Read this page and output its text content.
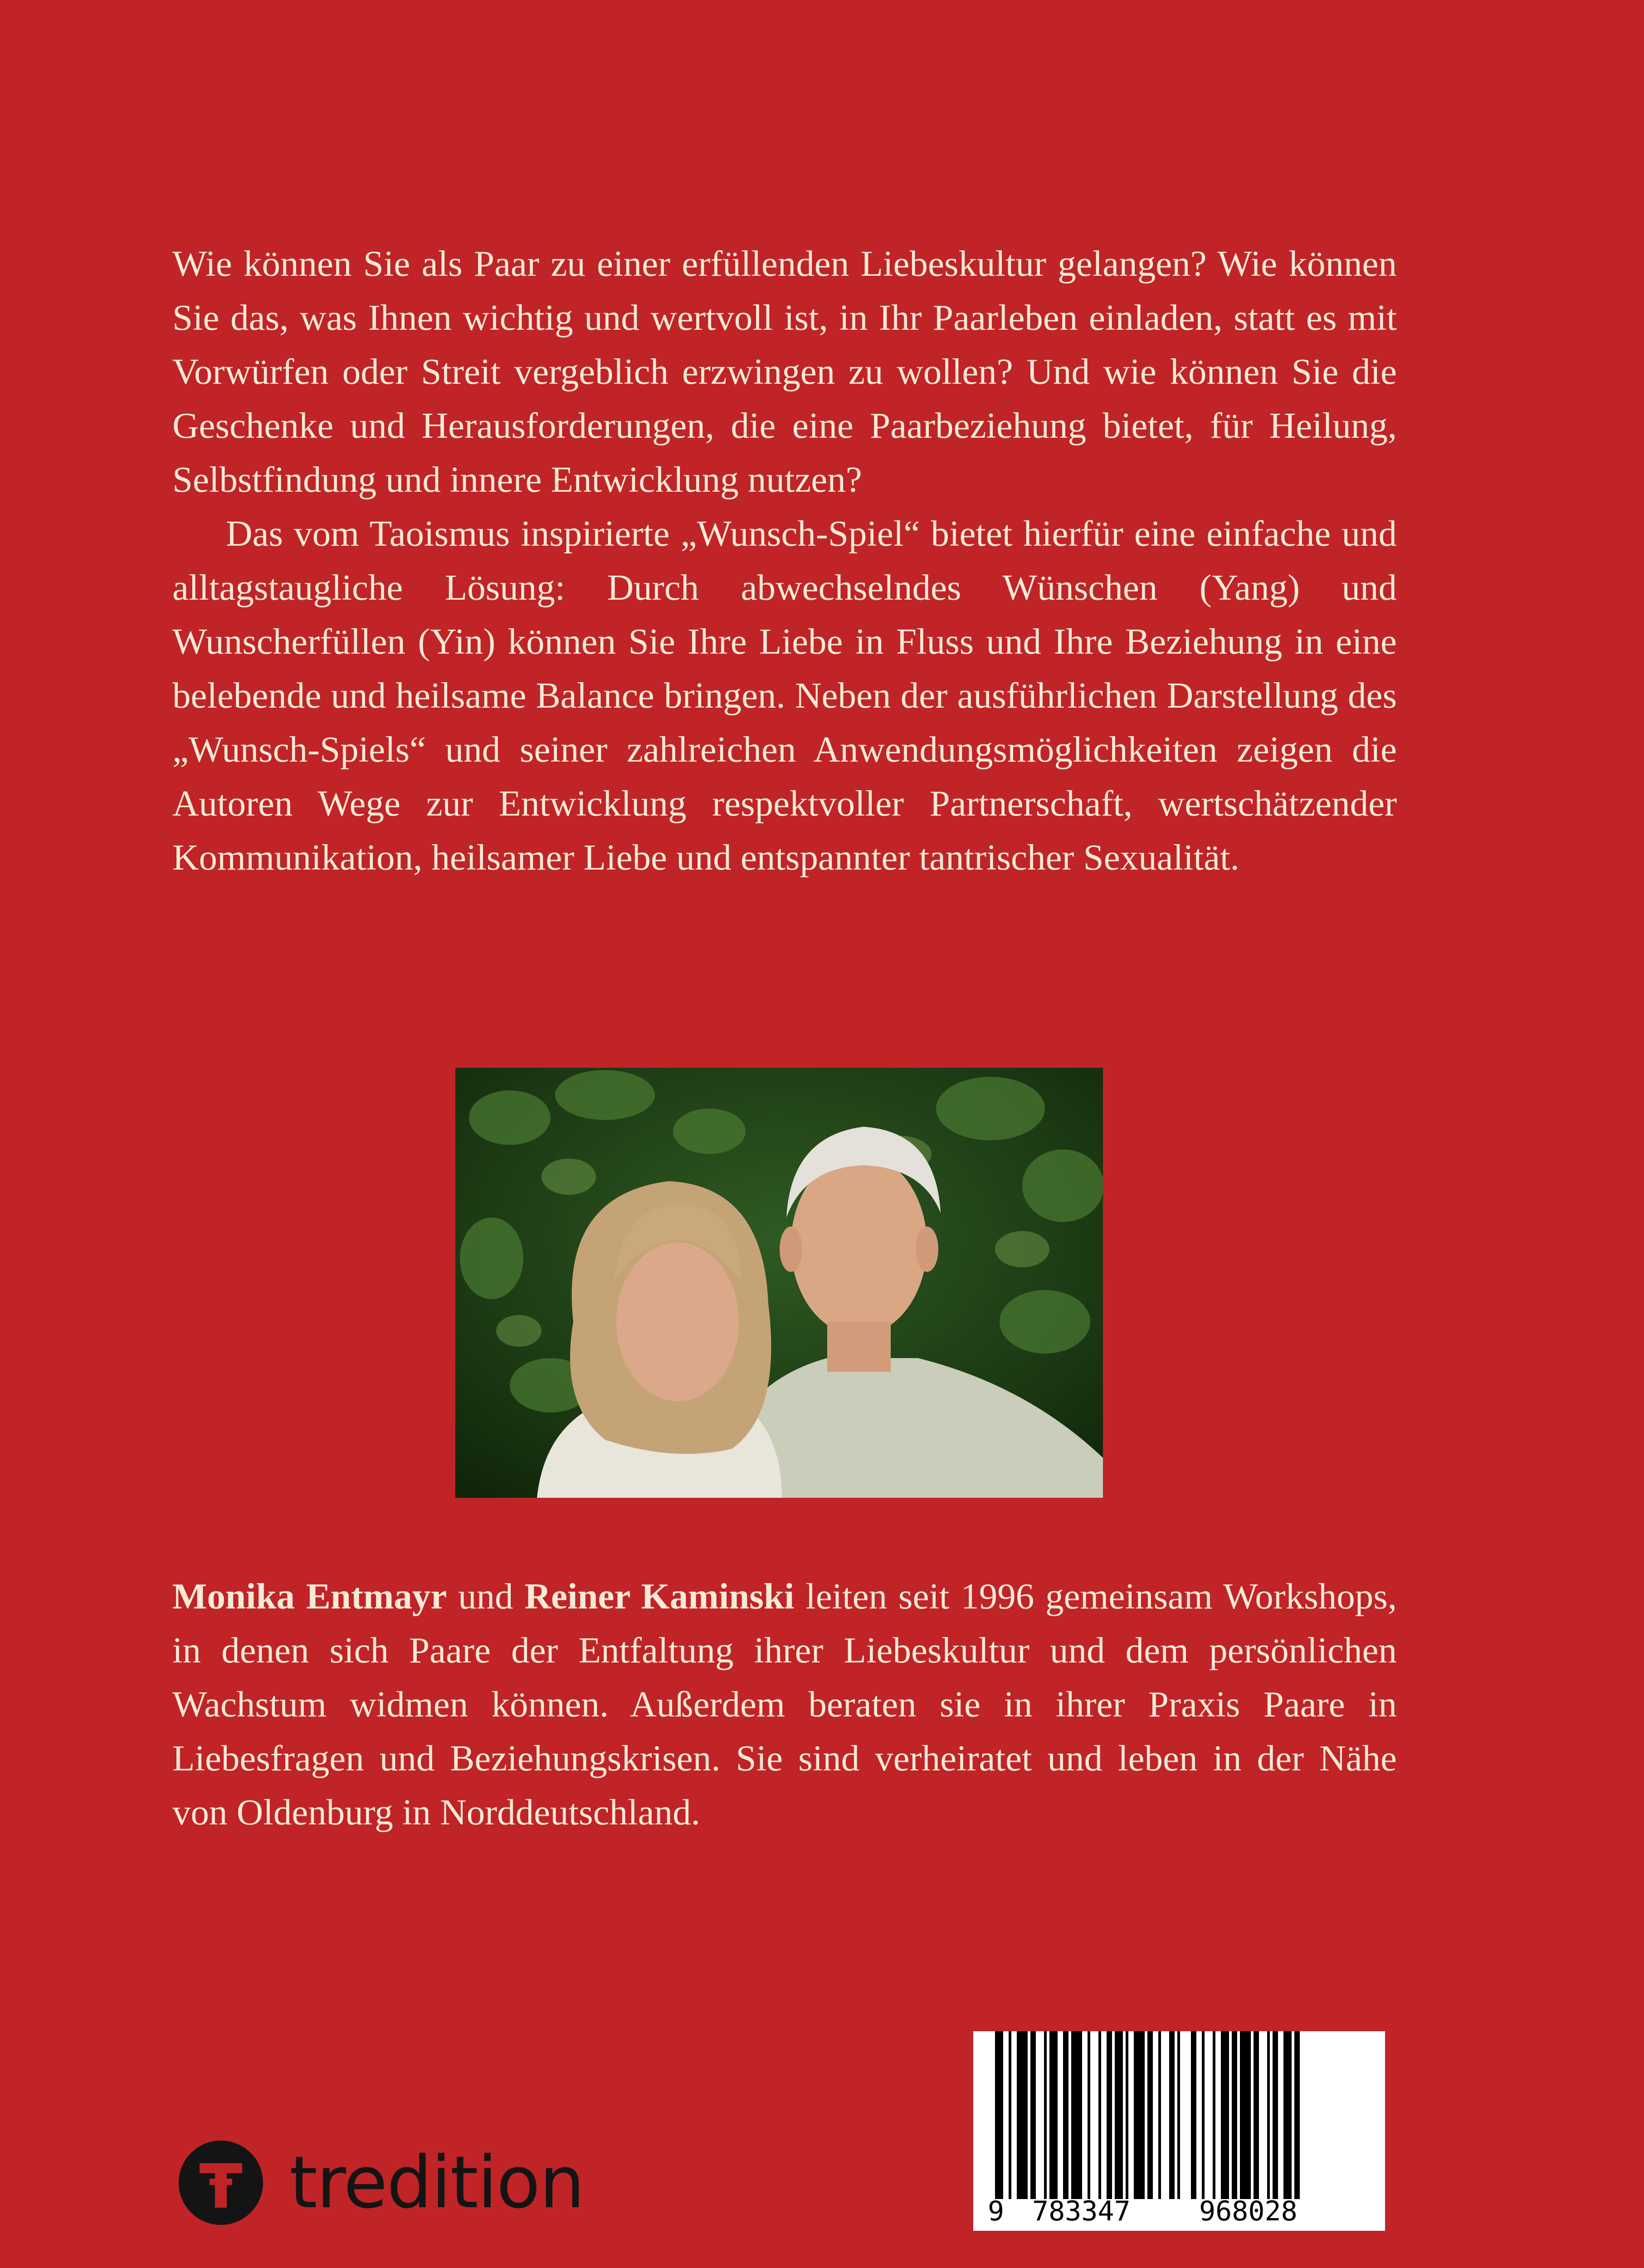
Wie können Sie als Paar zu einer erfüllenden Liebeskultur gelangen? Wie können Sie das, was Ihnen wichtig und wertvoll ist, in Ihr Paarleben einladen, statt es mit Vorwürfen oder Streit vergeblich erzwingen zu wollen? Und wie können Sie die Geschenke und Herausforderungen, die eine Paarbeziehung bietet, für Heilung, Selbstfindung und innere Entwicklung nutzen?

Das vom Taoismus inspirierte „Wunsch-Spiel“ bietet hierfür eine einfache und alltagstaugliche Lösung: Durch abwechselndes Wünschen (Yang) und Wunscherfüllen (Yin) können Sie Ihre Liebe in Fluss und Ihre Beziehung in eine belebende und heilsame Balance bringen. Neben der ausführlichen Darstellung des „Wunsch-Spiels“ und seiner zahlreichen Anwendungsmöglichkeiten zeigen die Autoren Wege zur Entwicklung respektvoller Partnerschaft, wertschätzender Kommunikation, heilsamer Liebe und entspannter tantrischer Sexualität.

Monika Entmayr und Reiner Kaminski leiten seit 1996 gemeinsam Workshops, in denen sich Paare der Entfaltung ihrer Liebeskultur und dem persönlichen Wachstum widmen können. Außerdem beraten sie in ihrer Praxis Paare in Liebesfragen und Beziehungskrisen. Sie sind verheiratet und leben in der Nähe von Oldenburg in Norddeutschland.

tredition	9 783347	968028
